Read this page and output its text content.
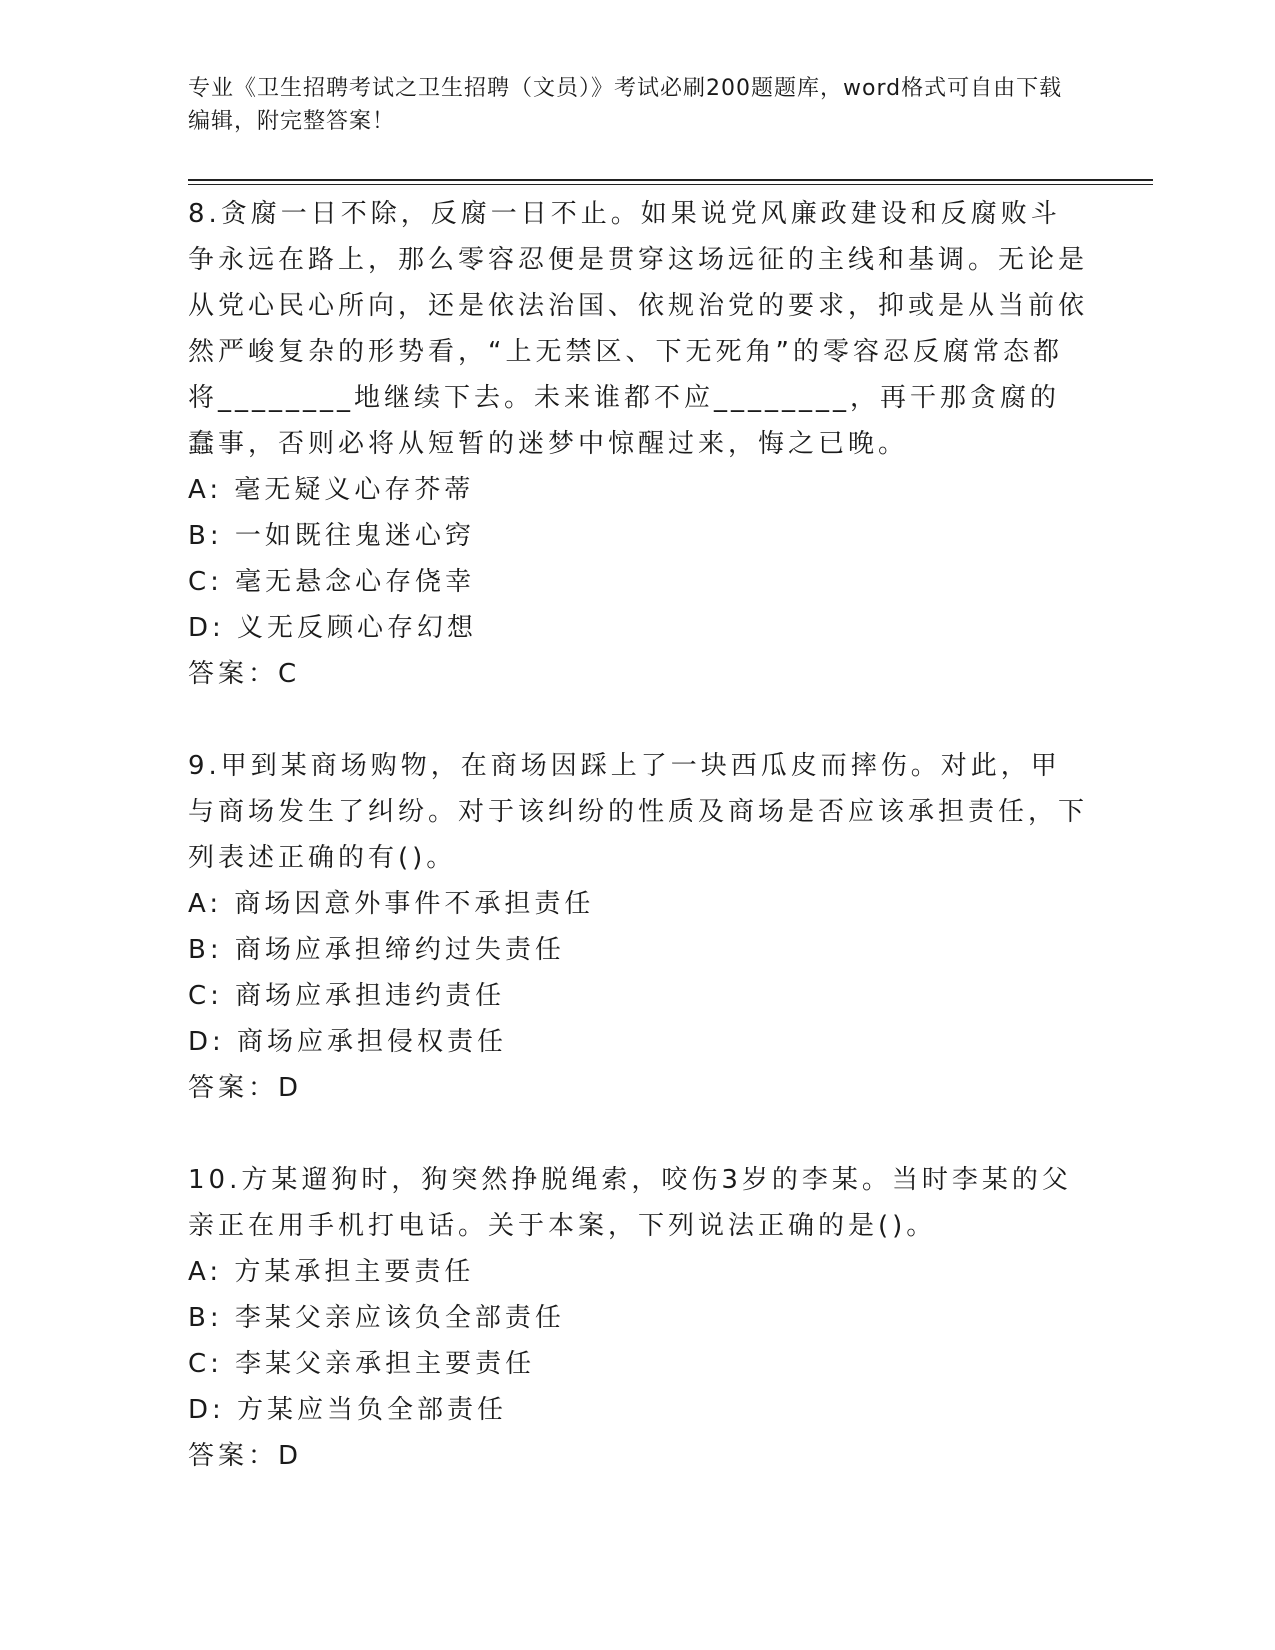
专业《卫生招聘考试之卫生招聘（文员）》考试必刷200题题库，word格式可自由下载编辑，附完整答案！

8.贪腐一日不除，反腐一日不止。如果说党风廉政建设和反腐败斗争永远在路上，那么零容忍便是贯穿这场远征的主线和基调。无论是从党心民心所向，还是依法治国、依规治党的要求，抑或是从当前依然严峻复杂的形势看，“上无禁区、下无死角”的零容忍反腐常态都将________地继续下去。未来谁都不应________，再干那贪腐的蠢事，否则必将从短暂的迷梦中惊醒过来，悔之已晚。

A: 毫无疑义心存芥蒂

B: 一如既往鬼迷心窍

C: 毫无悬念心存侥幸

D: 义无反顾心存幻想

答案：C

9.甲到某商场购物，在商场因踩上了一块西瓜皮而摔伤。对此，甲与商场发生了纠纷。对于该纠纷的性质及商场是否应该承担责任，下列表述正确的有()。

A: 商场因意外事件不承担责任

B: 商场应承担缔约过失责任

C: 商场应承担违约责任

D: 商场应承担侵权责任

答案：D

10.方某遛狗时，狗突然挣脱绳索，咬伤3岁的李某。当时李某的父亲正在用手机打电话。关于本案，下列说法正确的是()。

A: 方某承担主要责任

B: 李某父亲应该负全部责任

C: 李某父亲承担主要责任

D: 方某应当负全部责任

答案：D
